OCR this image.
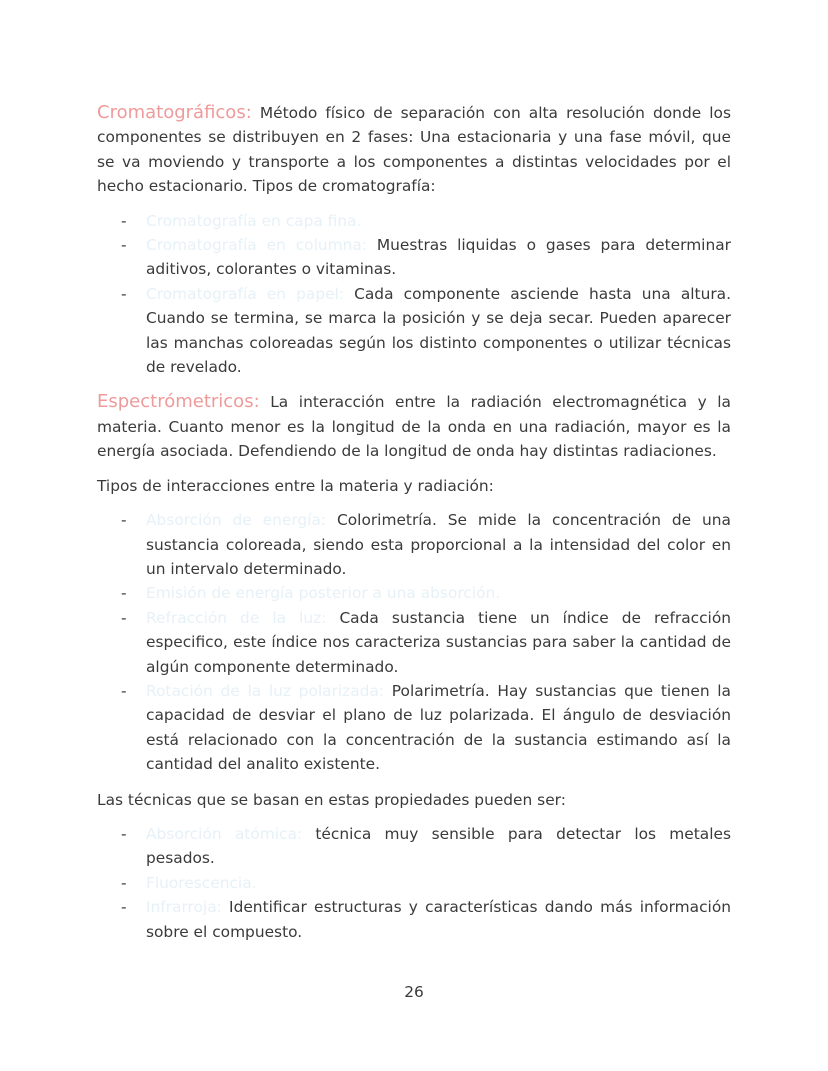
Cromatográficos: Método físico de separación con alta resolución donde los componentes se distribuyen en 2 fases: Una estacionaria y una fase móvil, que se va moviendo y transporte a los componentes a distintas velocidades por el hecho estacionario. Tipos de cromatografía:

- Cromatografía en capa fina.
- Cromatografía en columna: Muestras liquidas o gases para determinar aditivos, colorantes o vitaminas.
- Cromatografía en papel: Cada componente asciende hasta una altura. Cuando se termina, se marca la posición y se deja secar. Pueden aparecer las manchas coloreadas según los distinto componentes o utilizar técnicas de revelado.

Espectrómetricos: La interacción entre la radiación electromagnética y la materia. Cuanto menor es la longitud de la onda en una radiación, mayor es la energía asociada. Defendiendo de la longitud de onda hay distintas radiaciones.

Tipos de interacciones entre la materia y radiación:

- Absorción de energía: Colorimetría. Se mide la concentración de una sustancia coloreada, siendo esta proporcional a la intensidad del color en un intervalo determinado.
- Emisión de energía posterior a una absorción.
- Refracción de la luz: Cada sustancia tiene un índice de refracción especifico, este índice nos caracteriza sustancias para saber la cantidad de algún componente determinado.
- Rotación de la luz polarizada: Polarimetría. Hay sustancias que tienen la capacidad de desviar el plano de luz polarizada. El ángulo de desviación está relacionado con la concentración de la sustancia estimando así la cantidad del analito existente.

Las técnicas que se basan en estas propiedades pueden ser:

- Absorción atómica: técnica muy sensible para detectar los metales pesados.
- Fluorescencia.
- Infrarroja: Identificar estructuras y características dando más información sobre el compuesto.
26
